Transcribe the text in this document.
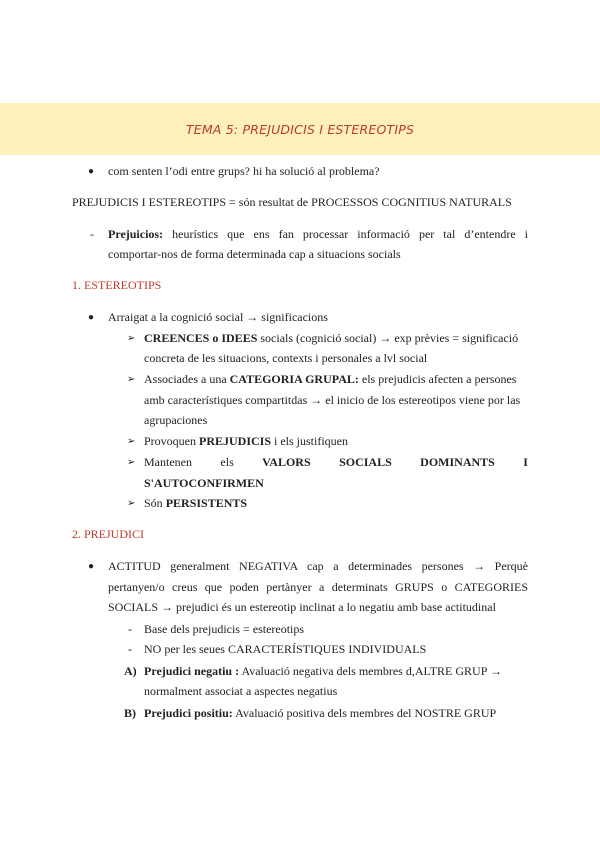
TEMA 5: PREJUDICIS I ESTEREOTIPS
● com senten l’odi entre grups? hi ha solució al problema?
PREJUDICIS I ESTEREOTIPS = són resultat de PROCESSOS COGNITIUS NATURALS
- Prejuicios: heurístics que ens fan processar informació per tal d’entendre i
comportar-nos de forma determinada cap a situacions socials
1. ESTEREOTIPS
● Arraigat a la cognició social → significacions
➢ CREENCES o IDEES socials (cognició social) → exp prèvies = significació
concreta de les situacions, contexts i personales a lvl social
➢ Associades a una CATEGORIA GRUPAL: els prejudicis afecten a persones
amb característiques compartitdas → el inicio de los estereotipos viene por las
agrupaciones
➢ Provoquen PREJUDICIS i els justifiquen
➢ Mantenen els VALORS SOCIALS DOMINANTS I
S'AUTOCONFIRMEN
➢ Són PERSISTENTS
2. PREJUDICI
● ACTITUD generalment NEGATIVA cap a determinades persones → Perquè
pertanyen/o creus que poden pertànyer a determinats GRUPS o CATEGORIES
SOCIALS → prejudici és un estereotip inclinat a lo negatiu amb base actitudinal
- Base dels prejudicis = estereotips
- NO per les seues CARACTERÍSTIQUES INDIVIDUALS
A) Prejudici negatiu : Avaluació negativa dels membres d,ALTRE GRUP →
normalment associat a aspectes negatius
B) Prejudici positiu: Avaluació positiva dels membres del NOSTRE GRUP
